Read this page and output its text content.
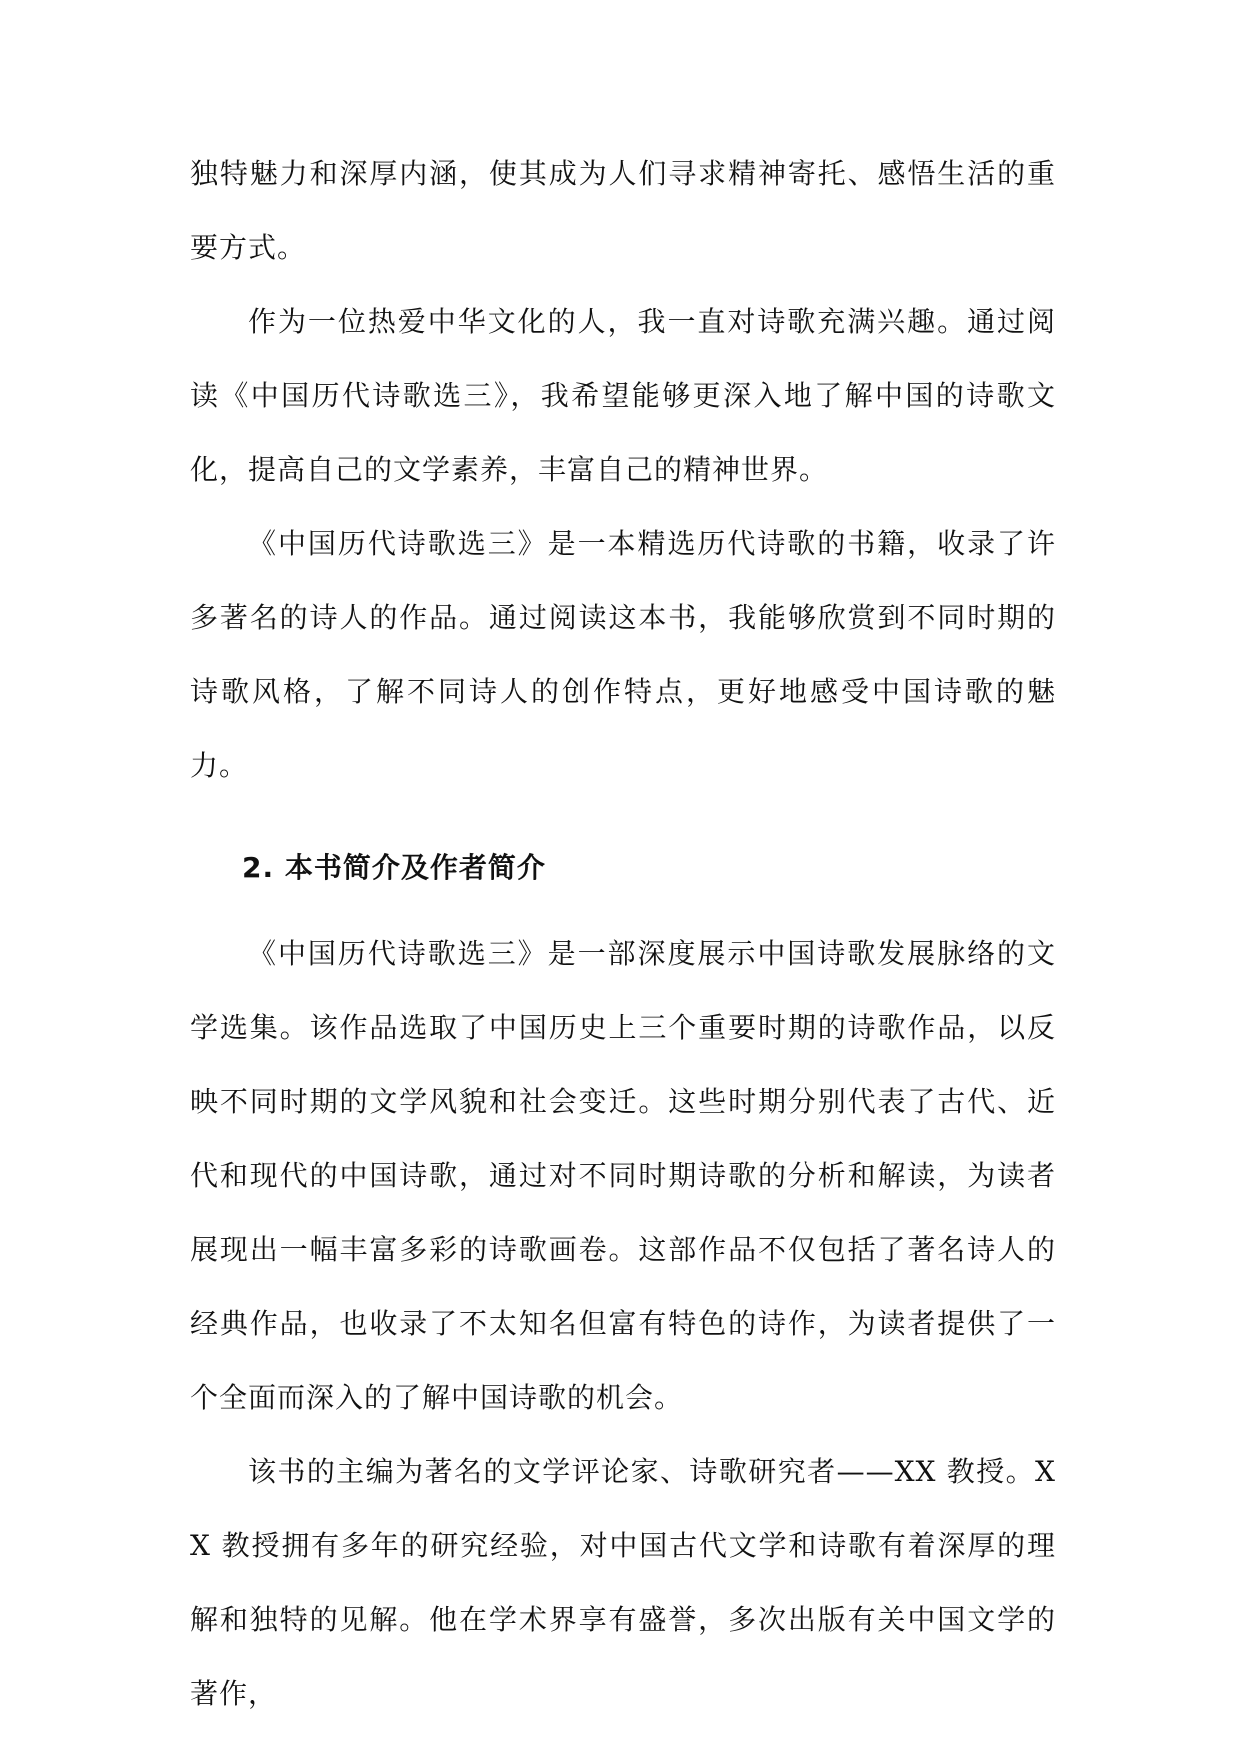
独特魅力和深厚内涵，使其成为人们寻求精神寄托、感悟生活的重要方式。

作为一位热爱中华文化的人，我一直对诗歌充满兴趣。通过阅读《中国历代诗歌选三》，我希望能够更深入地了解中国的诗歌文化，提高自己的文学素养，丰富自己的精神世界。

《中国历代诗歌选三》是一本精选历代诗歌的书籍，收录了许多著名的诗人的作品。通过阅读这本书，我能够欣赏到不同时期的诗歌风格，了解不同诗人的创作特点，更好地感受中国诗歌的魅力。

2. 本书简介及作者简介

《中国历代诗歌选三》是一部深度展示中国诗歌发展脉络的文学选集。该作品选取了中国历史上三个重要时期的诗歌作品，以反映不同时期的文学风貌和社会变迁。这些时期分别代表了古代、近代和现代的中国诗歌，通过对不同时期诗歌的分析和解读，为读者展现出一幅丰富多彩的诗歌画卷。这部作品不仅包括了著名诗人的经典作品，也收录了不太知名但富有特色的诗作，为读者提供了一个全面而深入的了解中国诗歌的机会。

该书的主编为著名的文学评论家、诗歌研究者——XX 教授。XX 教授拥有多年的研究经验，对中国古代文学和诗歌有着深厚的理解和独特的见解。他在学术界享有盛誉，多次出版有关中国文学的著作，
